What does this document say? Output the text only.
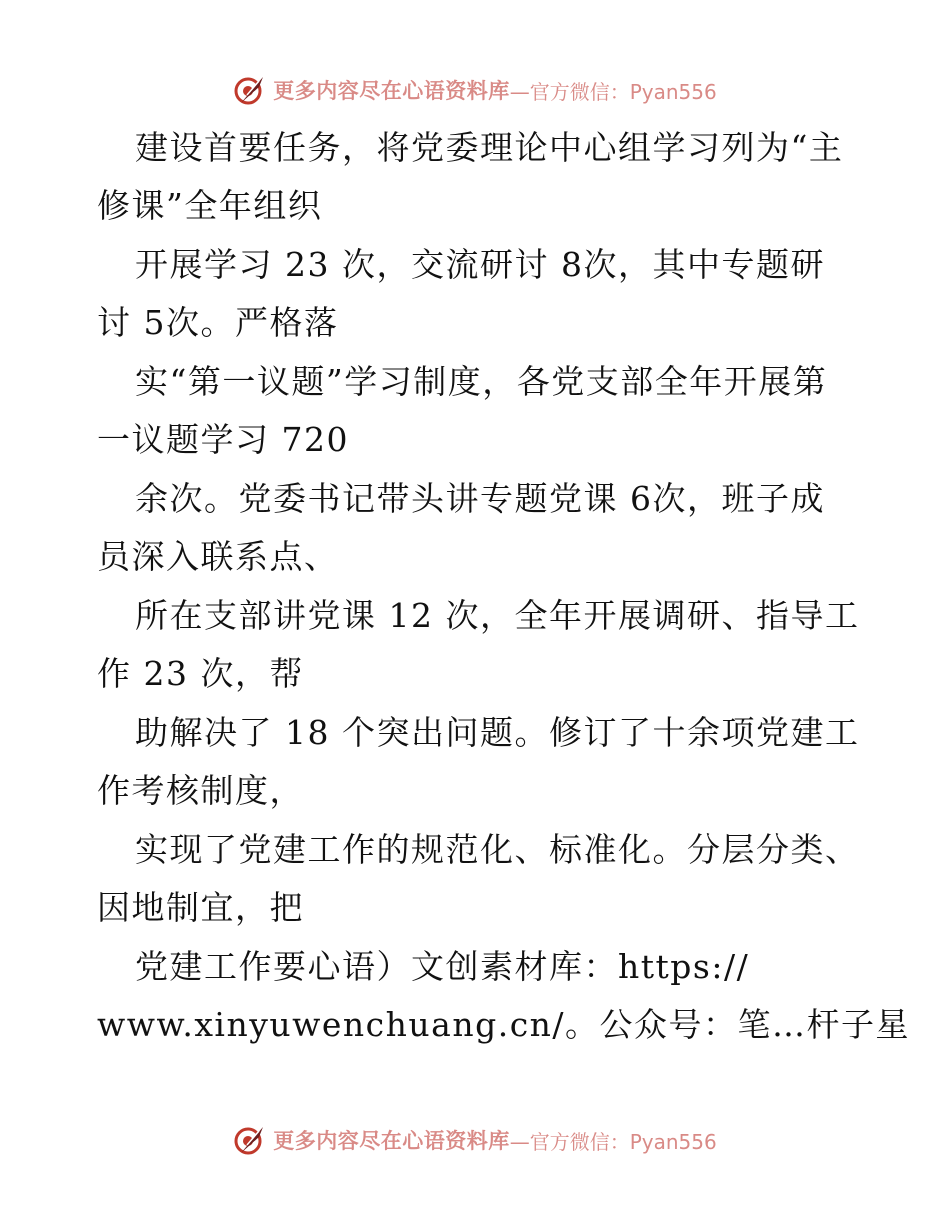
更多内容尽在心语资料库 —官方微信：Pyan556
建设首要任务，将党委理论中心组学习列为“主
修课”全年组织
开展学习 23 次，交流研讨 8次，其中专题研
讨 5次。严格落
实“第一议题”学习制度，各党支部全年开展第
一议题学习 720
余次。党委书记带头讲专题党课 6次，班子成
员深入联系点、
所在支部讲党课 12 次，全年开展调研、指导工
作 23 次，帮
助解决了 18 个突出问题。修订了十余项党建工
作考核制度，
实现了党建工作的规范化、标准化。分层分类、
因地制宜，把
党建工作要心语）文创素材库：https://
www.xinyuwenchuang.cn/。公众号：笔…杆子星
更多内容尽在心语资料库 —官方微信：Pyan556
